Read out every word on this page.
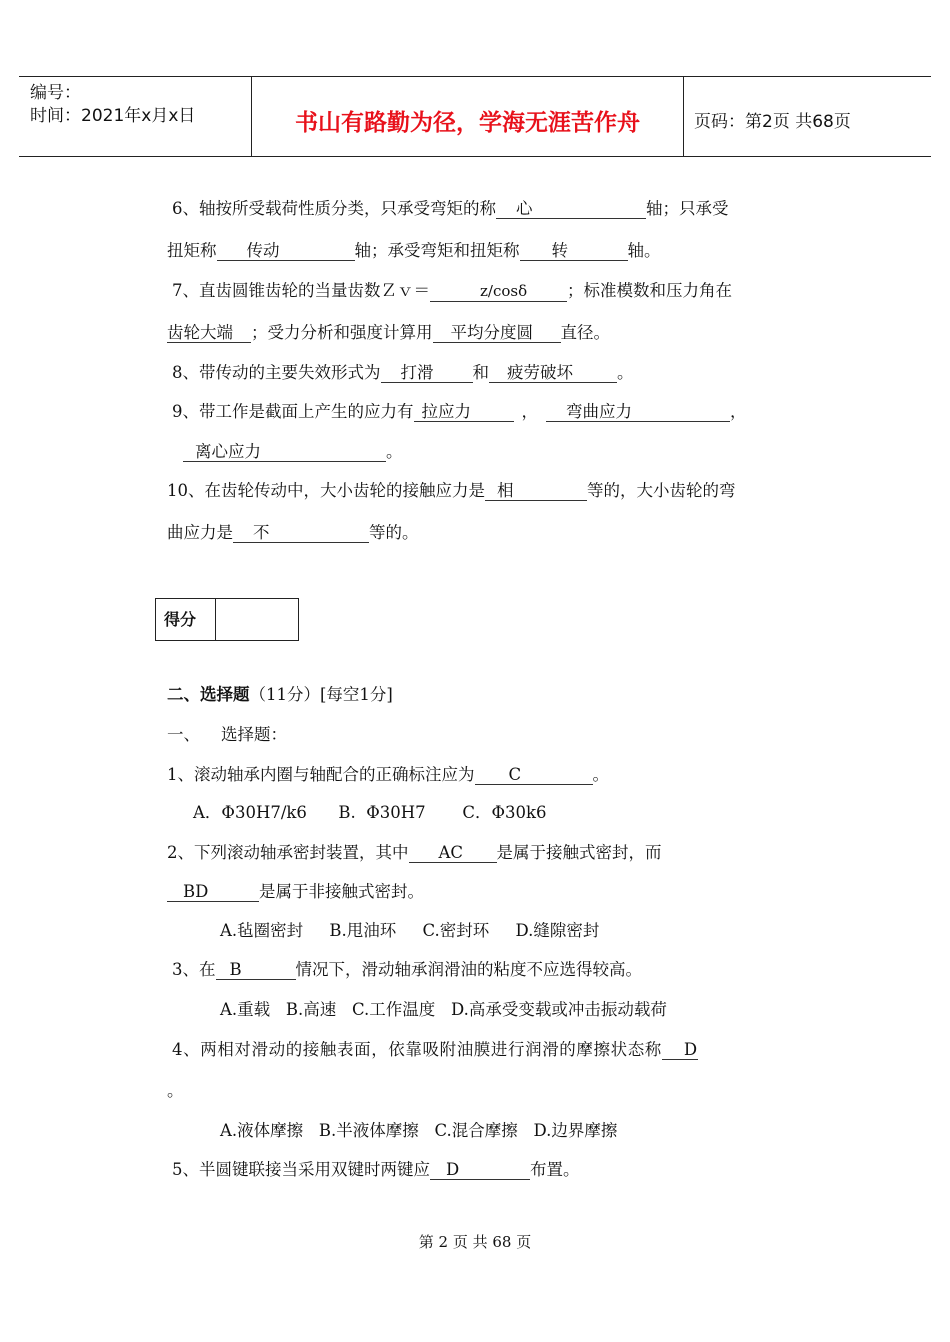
编号：
时间：2021年x月x日	书山有路勤为径，学海无涯苦作舟	页码：第2页 共68页
6、轴按所受载荷性质分类，只承受弯矩的称 心	轴；只承受
扭矩称 传动	轴；承受弯矩和扭矩称 转	轴。
7、直齿圆锥齿轮的当量齿数Ｚｖ＝	z/cosδ ；标准模数和压力角在
齿轮大端 ；受力分析和强度计算用 平均分度圆 直径。
8、带传动的主要失效形式为 打滑 和 疲劳破坏	。
9、带工作是截面上产生的应力有 拉应力	， 弯曲应力	，
离心应力	。
10、在齿轮传动中，大小齿轮的接触应力是 相	等的，大小齿轮的弯
曲应力是 不	等的。
得分
二、选择题（11分）[每空1分]
一、    选择题：
1、滚动轴承内圈与轴配合的正确标注应为 C	。
A．Φ30H7/k6      B.  Φ30H7       C．Φ30k6
2、下列滚动轴承密封装置，其中 AC 是属于接触式密封，而
BD	是属于非接触式密封。
A.毡圈密封     B.甩油环     C.密封环     D.缝隙密封
3、在 B	情况下，滑动轴承润滑油的粘度不应选得较高。
A.重载   B.高速   C.工作温度   D.高承受变载或冲击振动载荷
4、两相对滑动的接触表面，依靠吸附油膜进行润滑的摩擦状态称 D
。
A.液体摩擦   B.半液体摩擦   C.混合摩擦   D.边界摩擦
5、半圆键联接当采用双键时两键应 D	布置。
第 2 页 共 68 页
